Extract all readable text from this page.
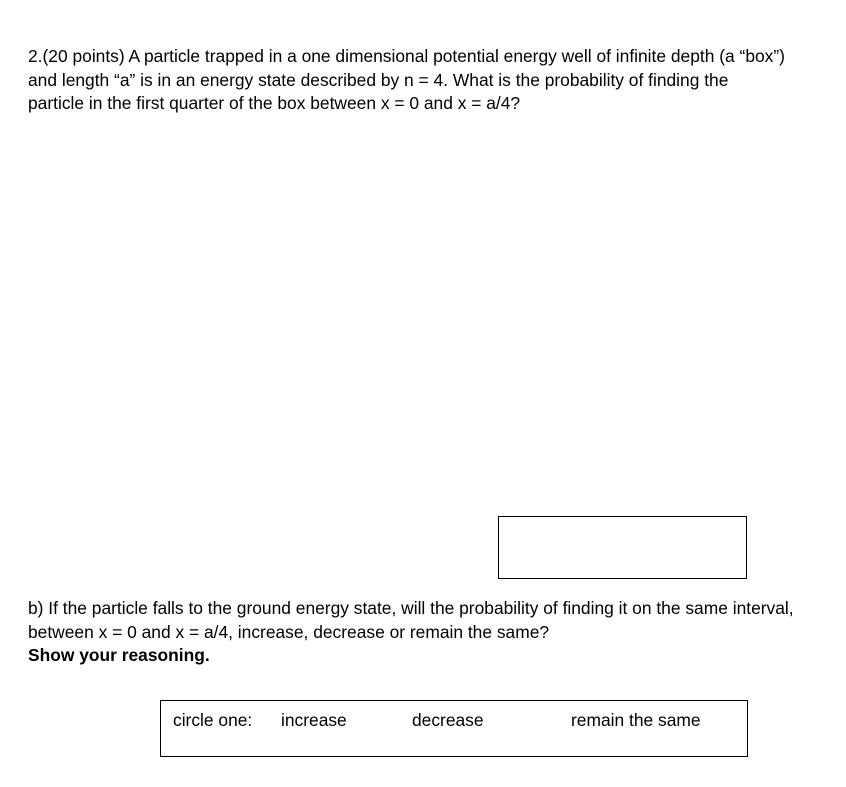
2.(20 points) A particle trapped in a one dimensional potential energy well of infinite depth (a “box”) and length “a” is in an energy state described by n = 4. What is the probability of finding the particle in the first quarter of the box between x = 0 and x = a/4?

b) If the particle falls to the ground energy state, will the probability of finding it on the same interval, between x = 0 and x = a/4, increase, decrease or remain the same?
Show your reasoning.

circle one: increase	decrease	remain the same
